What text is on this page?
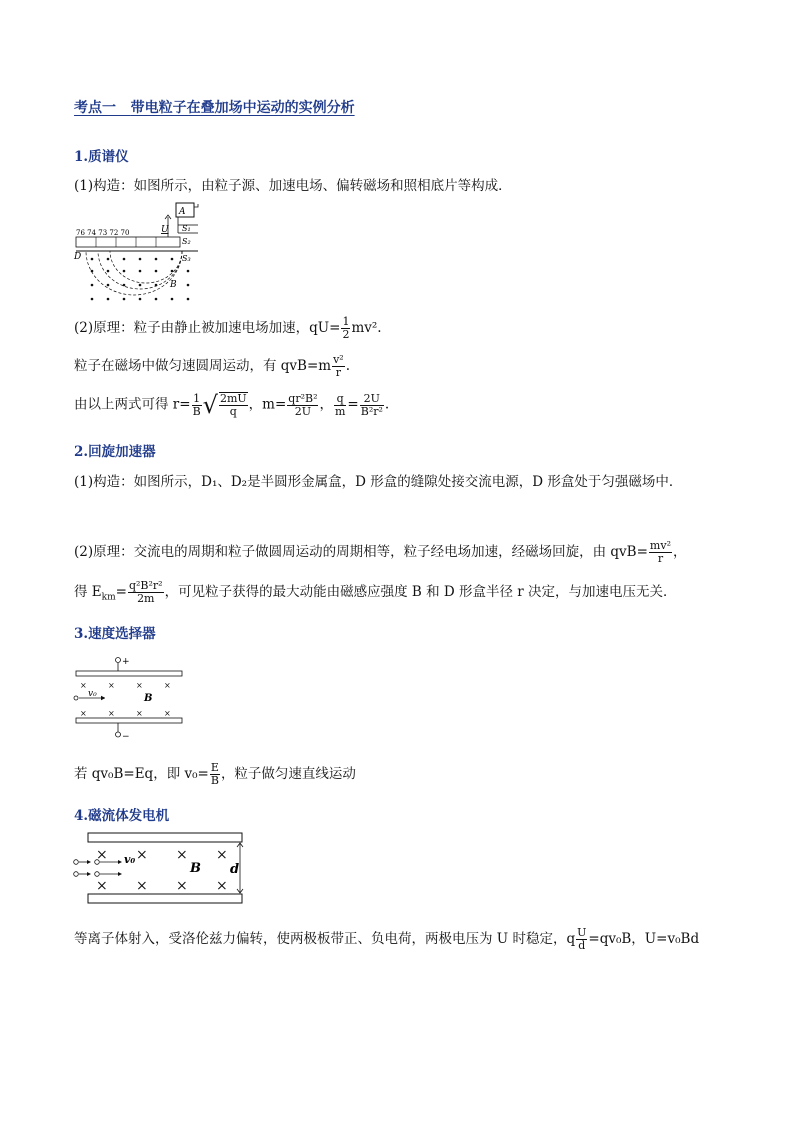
考点一 带电粒子在叠加场中运动的实例分析
1.质谱仪
(1)构造：如图所示，由粒子源、加速电场、偏转磁场和照相底片等构成．
A
S₁
S₂
U
76 74 73 72 70
D	S₃
B
(2)原理：粒子由静止被加速电场加速，$qU= \frac{1}{2} mv^2$.
粒子在磁场中做匀速圆周运动，有 $qvB=m \frac{\text{v²}}{r}$ .
由以上两式可得 $r= \frac{1}{B}$ √ $\frac{2mU}{q}$ ，$m= \frac{\text{qr²B²}}{2U}$ ， $\frac{q}{m} = \frac{2U}{\text{B²r²}}$ .
2.回旋加速器
(1)构造：如图所示，D₁、D₂是半圆形金属盒，D 形盒的缝隙处接交流电源，D 形盒处于匀强磁场中．
(2)原理：交流电的周期和粒子做圆周运动的周期相等，粒子经电场加速，经磁场回旋，由 $qvB= \frac{\text{mv²}}{r}$ ，
得 $E_{km}= \frac{\text{q²B²r²}}{2m}$ ，可见粒子获得的最大动能由磁感应强度 B 和 D 形盒半径 r 决定，与加速电压无关．
3.速度选择器
+
×	×	×	×
v₀	B
×	×	×	×
−
若 qv₀B=Eq，即 $v_0= \frac{E}{B}$ ，粒子做匀速直线运动
4.磁流体发电机
× × × ×
× × × ×
v₀
B d
等离子体射入，受洛伦兹力偏转，使两极板带正、负电荷，两极电压为 U 时稳定，q $\frac{U}{d} =qv_0B$，U=v₀Bd
